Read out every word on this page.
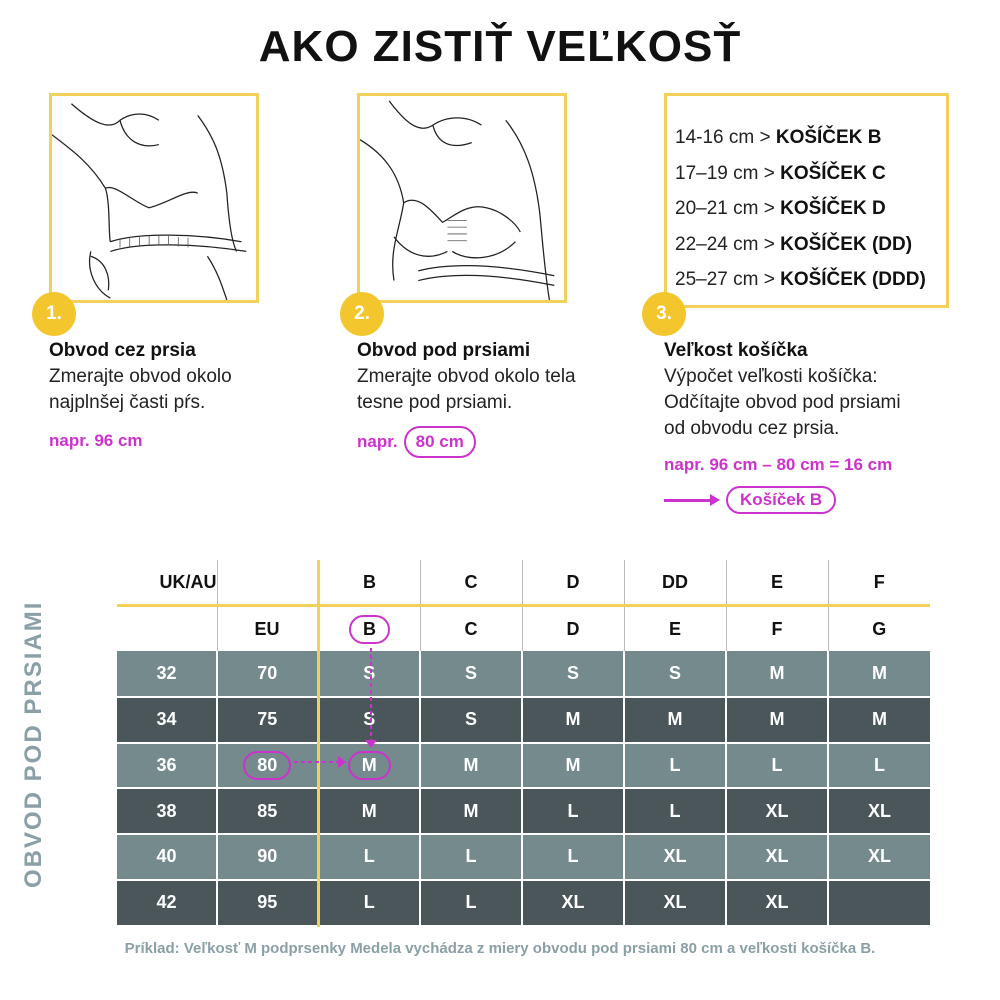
AKO ZISTIŤ VEĽKOSŤ
14-16 cm > KOŠÍČEK B
17–19 cm > KOŠÍČEK C
20–21 cm > KOŠÍČEK D
22–24 cm > KOŠÍČEK (DD)
25–27 cm > KOŠÍČEK (DDD)
1.	2.	3.
Obvod cez prsia
Zmerajte obvod okolo
najplnšej časti pŕs.
napr. 96 cm
Obvod pod prsiami
Zmerajte obvod okolo tela
tesne pod prsiami.
napr. 80 cm
Veľkost košíčka
Výpočet veľkosti košíčka:
Odčítajte obvod pod prsiami
od obvodu cez prsia.
napr. 96 cm – 80 cm = 16 cm
Košíček B
OBVOD POD PRSIAMI
UK/AU		B	C	D	DD	E	F
	EU	B	C	D	E	F	G
32	70	S	S	S	S	M	M
34	75	S	S	M	M	M	M
36	80	M	M	M	L	L	L
38	85	M	M	L	L	XL	XL
40	90	L	L	L	XL	XL	XL
42	95	L	L	XL	XL	XL	
Príklad: Veľkosť M podprsenky Medela vychádza z miery obvodu pod prsiami 80 cm a veľkosti košíčka B.
